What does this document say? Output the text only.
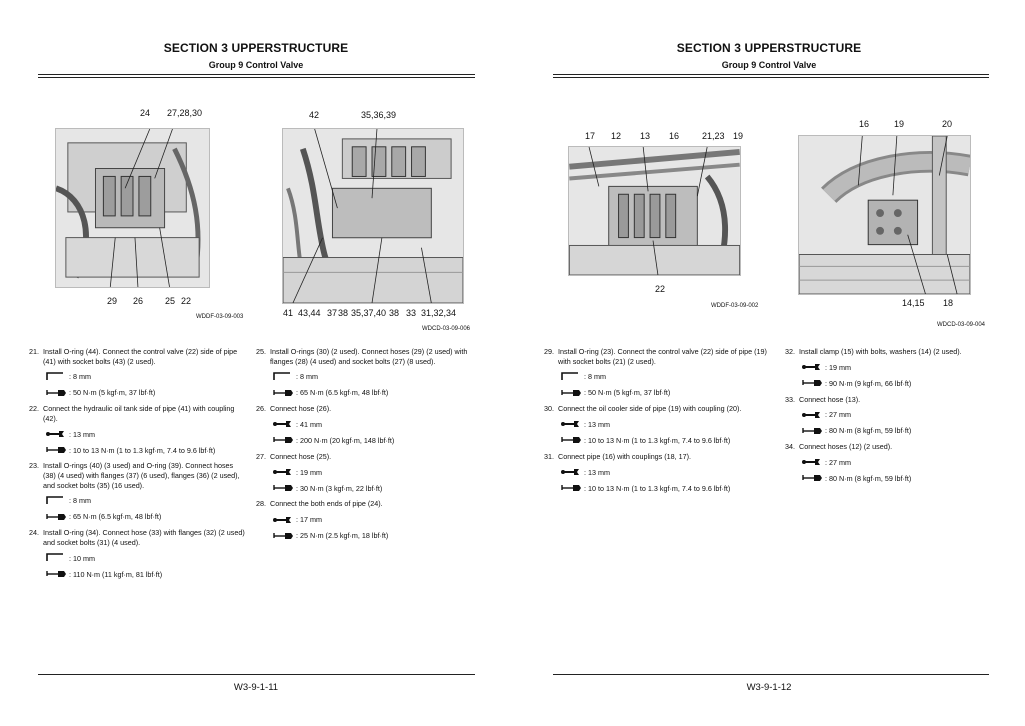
SECTION 3 UPPERSTRUCTURE
Group 9 Control Valve
24 27,28,30
29 26 25 22
WDDF-03-09-003
42	35,36,39
41 43,44 37 38 35,37,40 38 33 31,32,34
WDCD-03-09-006
21. Install O-ring (44). Connect the control valve (22) side of pipe (41) with socket bolts (43) (2 used).
: 8 mm
: 50 N·m (5 kgf·m, 37 lbf·ft)
22. Connect the hydraulic oil tank side of pipe (41) with coupling (42).
: 13 mm
: 10 to 13 N·m (1 to 1.3 kgf·m, 7.4 to 9.6 lbf·ft)
23. Install O-rings (40) (3 used) and O-ring (39). Connect hoses (38) (4 used) with flanges (37) (6 used), flanges (36) (2 used), and socket bolts (35) (16 used).
: 8 mm
: 65 N·m (6.5 kgf·m, 48 lbf·ft)
24. Install O-ring (34). Connect hose (33) with flanges (32) (2 used) and socket bolts (31) (4 used).
: 10 mm
: 110 N·m (11 kgf·m, 81 lbf·ft)
25. Install O-rings (30) (2 used). Connect hoses (29) (2 used) with flanges (28) (4 used) and socket bolts (27) (8 used).
: 8 mm
: 65 N·m (6.5 kgf·m, 48 lbf·ft)
26. Connect hose (26).
: 41 mm
: 200 N·m (20 kgf·m, 148 lbf·ft)
27. Connect hose (25).
: 19 mm
: 30 N·m (3 kgf·m, 22 lbf·ft)
28. Connect the both ends of pipe (24).
: 17 mm
: 25 N·m (2.5 kgf·m, 18 lbf·ft)
W3-9-1-11
SECTION 3 UPPERSTRUCTURE
Group 9 Control Valve
17 12 13 16	21,23 19
22
WDDF-03-09-002
16	19	20
14,15 18
WDCD-03-09-004
29. Install O-ring (23). Connect the control valve (22) side of pipe (19) with socket bolts (21) (2 used).
: 8 mm
: 50 N·m (5 kgf·m, 37 lbf·ft)
30. Connect the oil cooler side of pipe (19) with coupling (20).
: 13 mm
: 10 to 13 N·m (1 to 1.3 kgf·m, 7.4 to 9.6 lbf·ft)
31. Connect pipe (16) with couplings (18, 17).
: 13 mm
: 10 to 13 N·m (1 to 1.3 kgf·m, 7.4 to 9.6 lbf·ft)
32. Install clamp (15) with bolts, washers (14) (2 used).
: 19 mm
: 90 N·m (9 kgf·m, 66 lbf·ft)
33. Connect hose (13).
: 27 mm
: 80 N·m (8 kgf·m, 59 lbf·ft)
34. Connect hoses (12) (2 used).
: 27 mm
: 80 N·m (8 kgf·m, 59 lbf·ft)
W3-9-1-12
